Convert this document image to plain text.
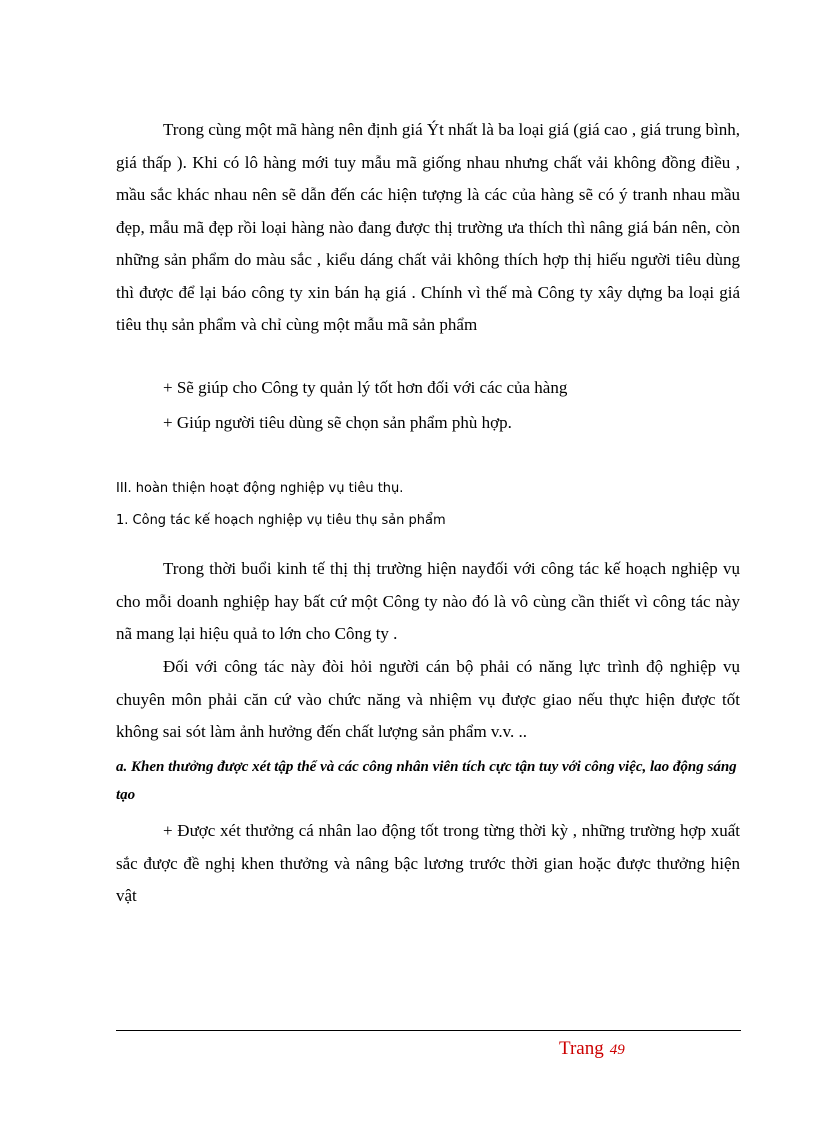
Trong cùng một mã hàng nên định giá Ýt nhất là ba loại giá (giá cao , giá trung bình, giá thấp ). Khi có lô hàng mới tuy mẫu mã giống nhau nhưng chất vải không đồng điều , mầu sắc khác nhau nên sẽ dẫn đến các hiện tượng là các của hàng sẽ có ý tranh nhau mầu đẹp, mẫu mã đẹp rồi loại hàng nào đang được thị trường ưa thích thì nâng giá bán nên, còn những sản phẩm do màu sắc , kiểu dáng chất vải không thích hợp thị hiếu người tiêu dùng thì được để lại báo công ty xin bán hạ giá . Chính vì thế mà Công ty xây dựng ba loại giá tiêu thụ sản phẩm và chỉ cùng một mẫu mã sản phẩm

+ Sẽ giúp cho Công ty quản lý tốt hơn đối với các của hàng
+ Giúp người tiêu dùng sẽ chọn sản phẩm phù hợp.
III. hoàn thiện hoạt động nghiệp vụ tiêu thụ.
1. Công tác kế hoạch nghiệp vụ tiêu thụ sản phẩm

Trong thời buổi kinh tế thị thị trường hiện nayđối với công tác kế hoạch nghiệp vụ cho mỗi doanh nghiệp hay bất cứ một Công ty nào đó là vô cùng cần thiết vì công tác này nã mang lại hiệu quả to lớn cho Công ty .

Đối với công tác này đòi hỏi người cán bộ phải có năng lực trình độ nghiệp vụ chuyên môn phải căn cứ vào chức năng và nhiệm vụ được giao nếu thực hiện được tốt không sai sót làm ảnh hưởng đến chất lượng sản phẩm v.v. ..

a. Khen thưởng được xét tập thể và các công nhân viên tích cực tận tuy với công việc, lao động sáng tạo

+ Được xét thưởng cá nhân lao động tốt trong từng thời kỳ , những trường hợp xuất sắc được đề nghị khen thưởng và nâng bậc lương trước thời gian hoặc được thưởng hiện vật

Trang 49
